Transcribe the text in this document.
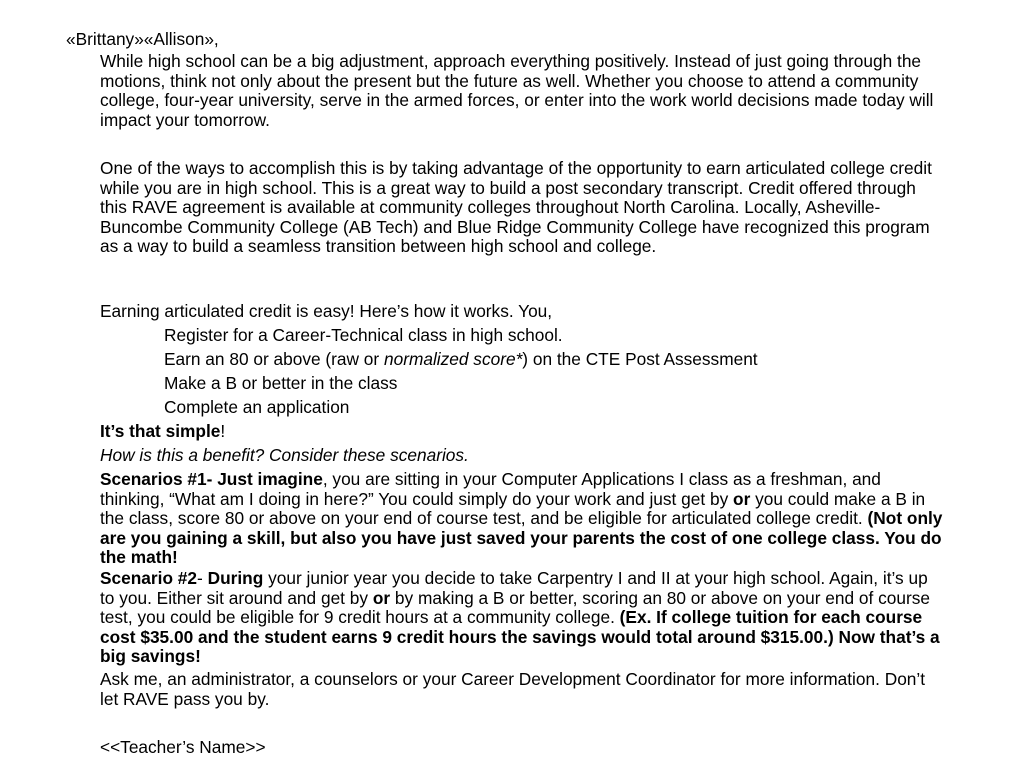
«Brittany»«Allison»,
While high school can be a big adjustment, approach everything positively. Instead of just going through the motions, think not only about the present but the future as well. Whether you choose to attend a community college, four-year university, serve in the armed forces, or enter into the work world decisions made today will impact your tomorrow.
One of the ways to accomplish this is by taking advantage of the opportunity to earn articulated college credit while you are in high school. This is a great way to build a post secondary transcript. Credit offered through this RAVE agreement is available at community colleges throughout North Carolina. Locally, Asheville-Buncombe Community College (AB Tech) and Blue Ridge Community College have recognized this program as a way to build a seamless transition between high school and college.
Earning articulated credit is easy! Here’s how it works. You,
Register for a Career-Technical class in high school.
Earn an 80 or above (raw or normalized score*) on the CTE Post Assessment
Make a B or better in the class
Complete an application
It’s that simple!
How is this a benefit? Consider these scenarios.
Scenarios #1- Just imagine, you are sitting in your Computer Applications I class as a freshman, and thinking, “What am I doing in here?” You could simply do your work and just get by or you could make a B in the class, score 80 or above on your end of course test, and be eligible for articulated college credit. (Not only are you gaining a skill, but also you have just saved your parents the cost of one college class. You do the math!
Scenario #2- During your junior year you decide to take Carpentry I and II at your high school. Again, it’s up to you. Either sit around and get by or by making a B or better, scoring an 80 or above on your end of course test, you could be eligible for 9 credit hours at a community college. (Ex. If college tuition for each course cost $35.00 and the student earns 9 credit hours the savings would total around $315.00.) Now that’s a big savings!
Ask me, an administrator, a counselors or your Career Development Coordinator for more information. Don’t let RAVE pass you by.
<<Teacher’s Name>>
